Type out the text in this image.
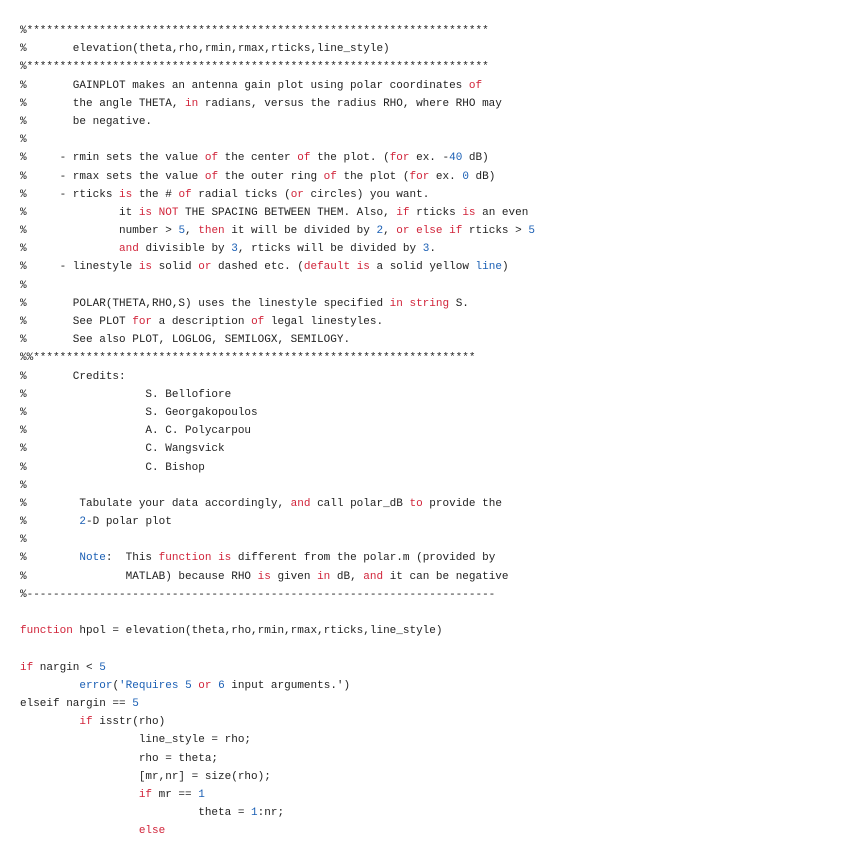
%**********************************************************************
%       elevation(theta,rho,rmin,rmax,rticks,line_style)
%**********************************************************************
%       GAINPLOT makes an antenna gain plot using polar coordinates of
%       the angle THETA, in radians, versus the radius RHO, where RHO may
%       be negative.
%
%     - rmin sets the value of the center of the plot. (for ex. -40 dB)
%     - rmax sets the value of the outer ring of the plot (for ex. 0 dB)
%     - rticks is the # of radial ticks (or circles) you want.
%              it is NOT THE SPACING BETWEEN THEM. Also, if rticks is an even
%              number > 5, then it will be divided by 2, or else if rticks > 5
%              and divisible by 3, rticks will be divided by 3.
%     - linestyle is solid or dashed etc. (default is a solid yellow line)
%
%       POLAR(THETA,RHO,S) uses the linestyle specified in string S.
%       See PLOT for a description of legal linestyles.
%       See also PLOT, LOGLOG, SEMILOGX, SEMILOGY.
%%*******************************************************************
%       Credits:
%                  S. Bellofiore
%                  S. Georgakopoulos
%                  A. C. Polycarpou
%                  C. Wangsvick
%                  C. Bishop
%
%        Tabulate your data accordingly, and call polar_dB to provide the
%        2-D polar plot
%
%        Note:  This function is different from the polar.m (provided by
%               MATLAB) because RHO is given in dB, and it can be negative
%-----------------------------------------------------------------------
function hpol = elevation(theta,rho,rmin,rmax,rticks,line_style)
if nargin < 5
error('Requires 5 or 6 input arguments.')
elseif nargin == 5
if isstr(rho)
line_style = rho;
rho = theta;
[mr,nr] = size(rho);
if mr == 1
theta = 1:nr;
else
